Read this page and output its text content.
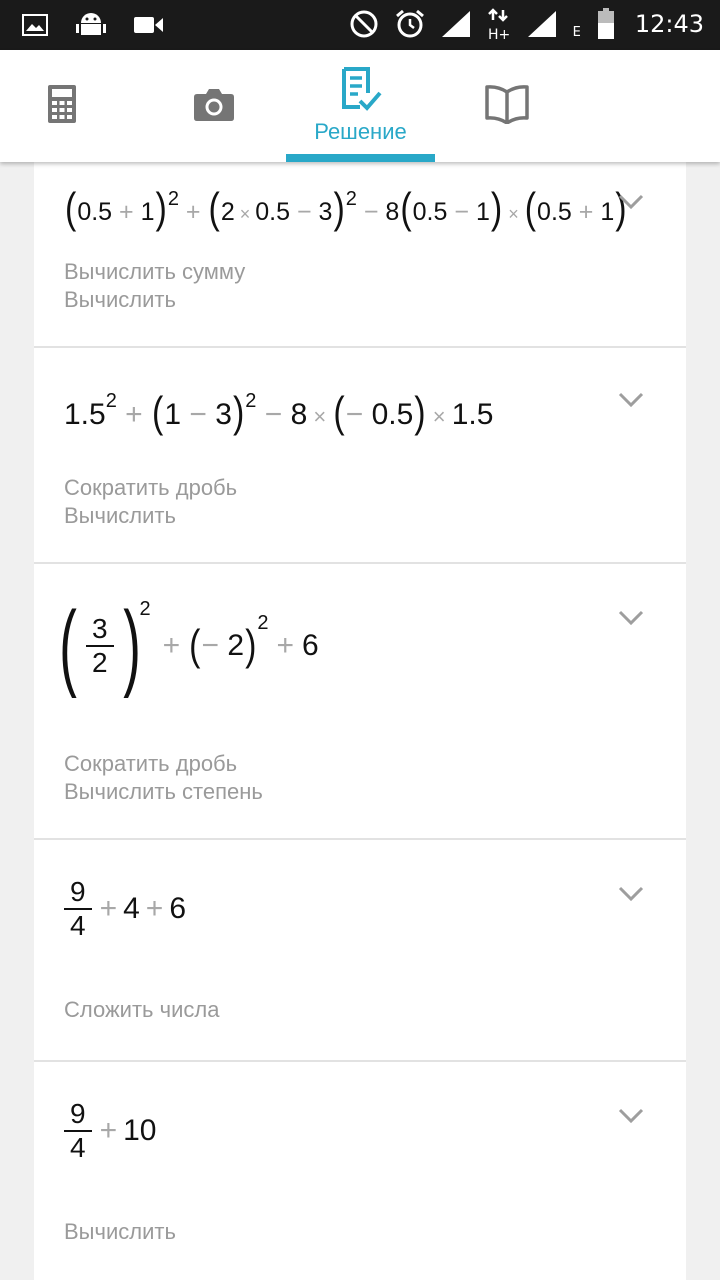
H+	E 12:43
Решение
$(0.5 + 1)^2 + (2 \times 0.5 - 3)^2 - 8(0.5 - 1) \times (0.5 + 1)$
Вычислить сумму
Вычислить
$1.5^2 + (1 - 3)^2 - 8$ × (− 0.5) × 1.5
Сократить дробь
Вычислить
( $\frac{3}{2} )^2$
+ ( −
2 )$^2$
+ 6
Сократить дробь
Вычислить степень
$\frac{9}{4} + 4 + 6$
Сложить числа
$\frac{9}{4} + 10$
Вычислить
